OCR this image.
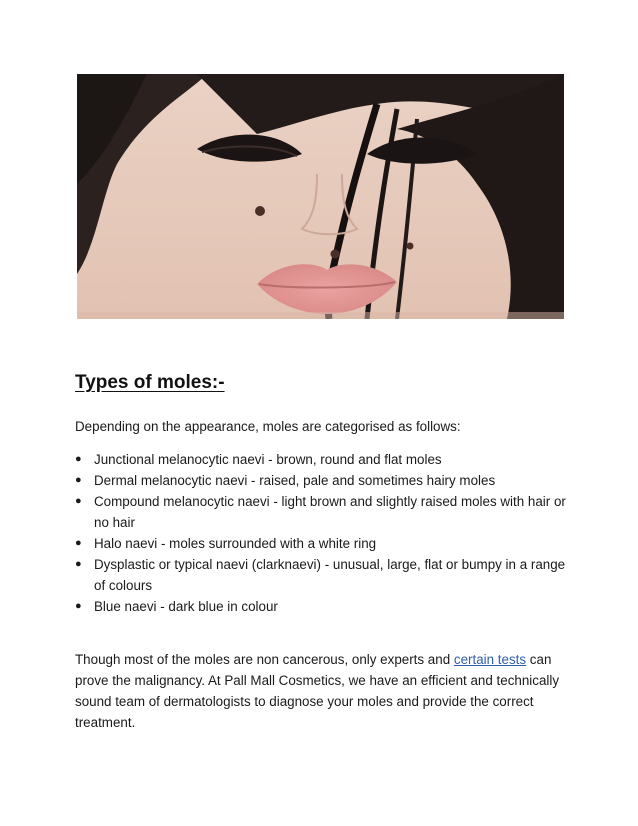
Types of moles:-

Depending on the appearance, moles are categorised as follows:

● Junctional melanocytic naevi - brown, round and flat moles
● Dermal melanocytic naevi - raised, pale and sometimes hairy moles
● Compound melanocytic naevi - light brown and slightly raised moles with hair or no hair
● Halo naevi - moles surrounded with a white ring
● Dysplastic or typical naevi (clarknaevi) - unusual, large, flat or bumpy in a range of colours
● Blue naevi - dark blue in colour

Though most of the moles are non cancerous, only experts and certain tests can prove the malignancy. At Pall Mall Cosmetics, we have an efficient and technically sound team of dermatologists to diagnose your moles and provide the correct treatment.
